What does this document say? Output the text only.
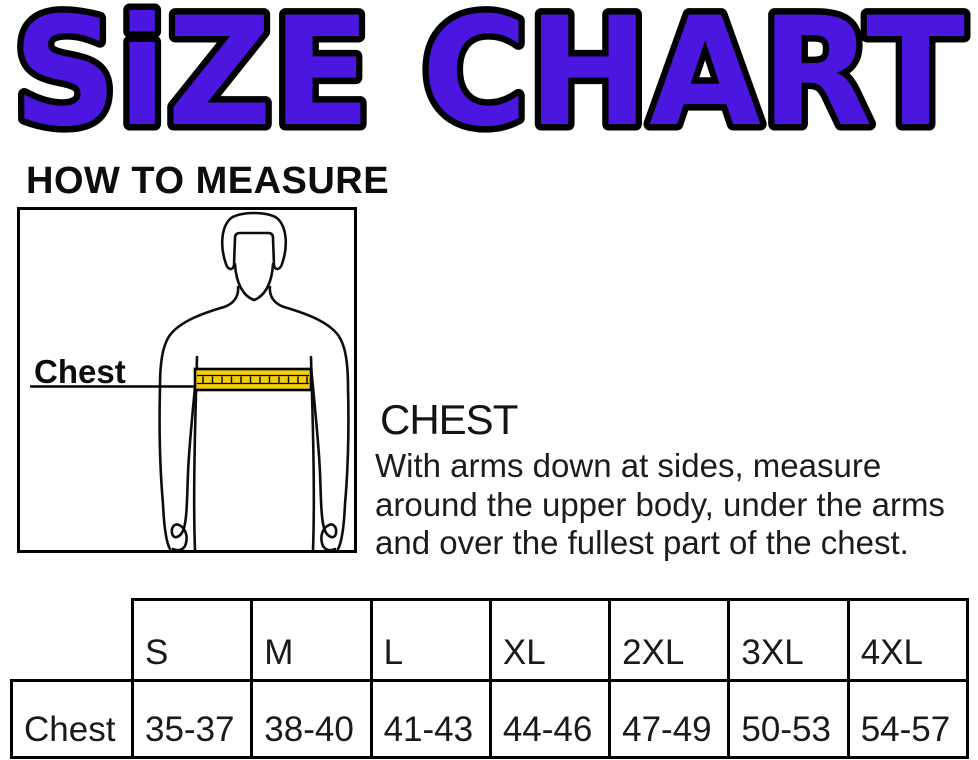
SiZE CHART
HOW TO MEASURE
Chest
CHEST
With arms down at sides, measure
around the upper body, under the arms
and over the fullest part of the chest.
	S	M	L	XL	2XL	3XL	4XL
Chest	35-37	38-40	41-43	44-46	47-49	50-53	54-57
